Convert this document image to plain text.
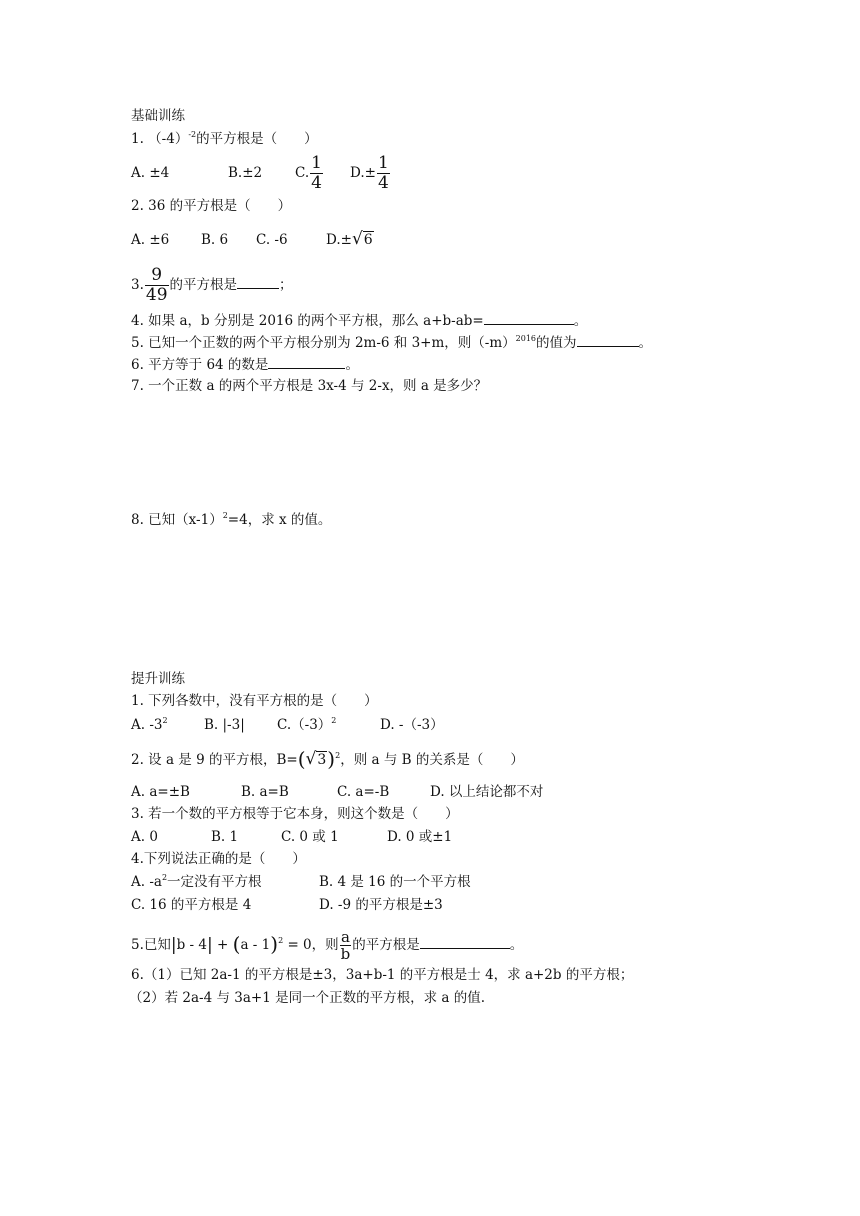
基础训练
1. $(-4)^{-2}$的平方根是（　　）
A. ±4	B.±2 C. $\frac{1}{4} D.\pm \frac{1}{4}$
2. 36 的平方根是（　　）
A. ±6 B. 6 C. -6	D.±√6
3. $\frac{9}{49}$ 的平方根是	；
4. 如果 a，b 分别是 2016 的两个平方根，那么 a+b-ab=	。
5. 已知一个正数的两个平方根分别为 2m-6 和 3+m，则$(-m)^{2016}$的值为	。
6. 平方等于 64 的数是	。
7. 一个正数 a 的两个平方根是 3x-4 与 2-x，则 a 是多少？
8. 已知$(x-1)^2=4$，求 x 的值。
提升训练
1. 下列各数中，没有平方根的是（　　）
A. $-3^2$	B. |-3| $C.(-3)^2$	D. -（-3）
2. 设 a 是 9 的平方根，$B=(√3)^2$，则 a 与 B 的关系是（　　）
A. a=±B	B. a=B	C. a=-B	D. 以上结论都不对
3. 若一个数的平方根等于它本身，则这个数是（　　）
A. 0	B. 1	C. 0 或 1	D. 0 或±1
4.下列说法正确的是（　　）
A. $-a^2$一定没有平方根	B. 4 是 16 的一个平方根
C. 16 的平方根是 4	D. -9 的平方根是±3
5.已知|b - 4| + (a - 1)$^2$ = 0，则 $\frac{a}{b}$ 的平方根是	。
6.（1）已知 2a-1 的平方根是±3，3a+b-1 的平方根是士 4，求 a+2b 的平方根；
（2）若 2a-4 与 3a+1 是同一个正数的平方根，求 a 的值.
